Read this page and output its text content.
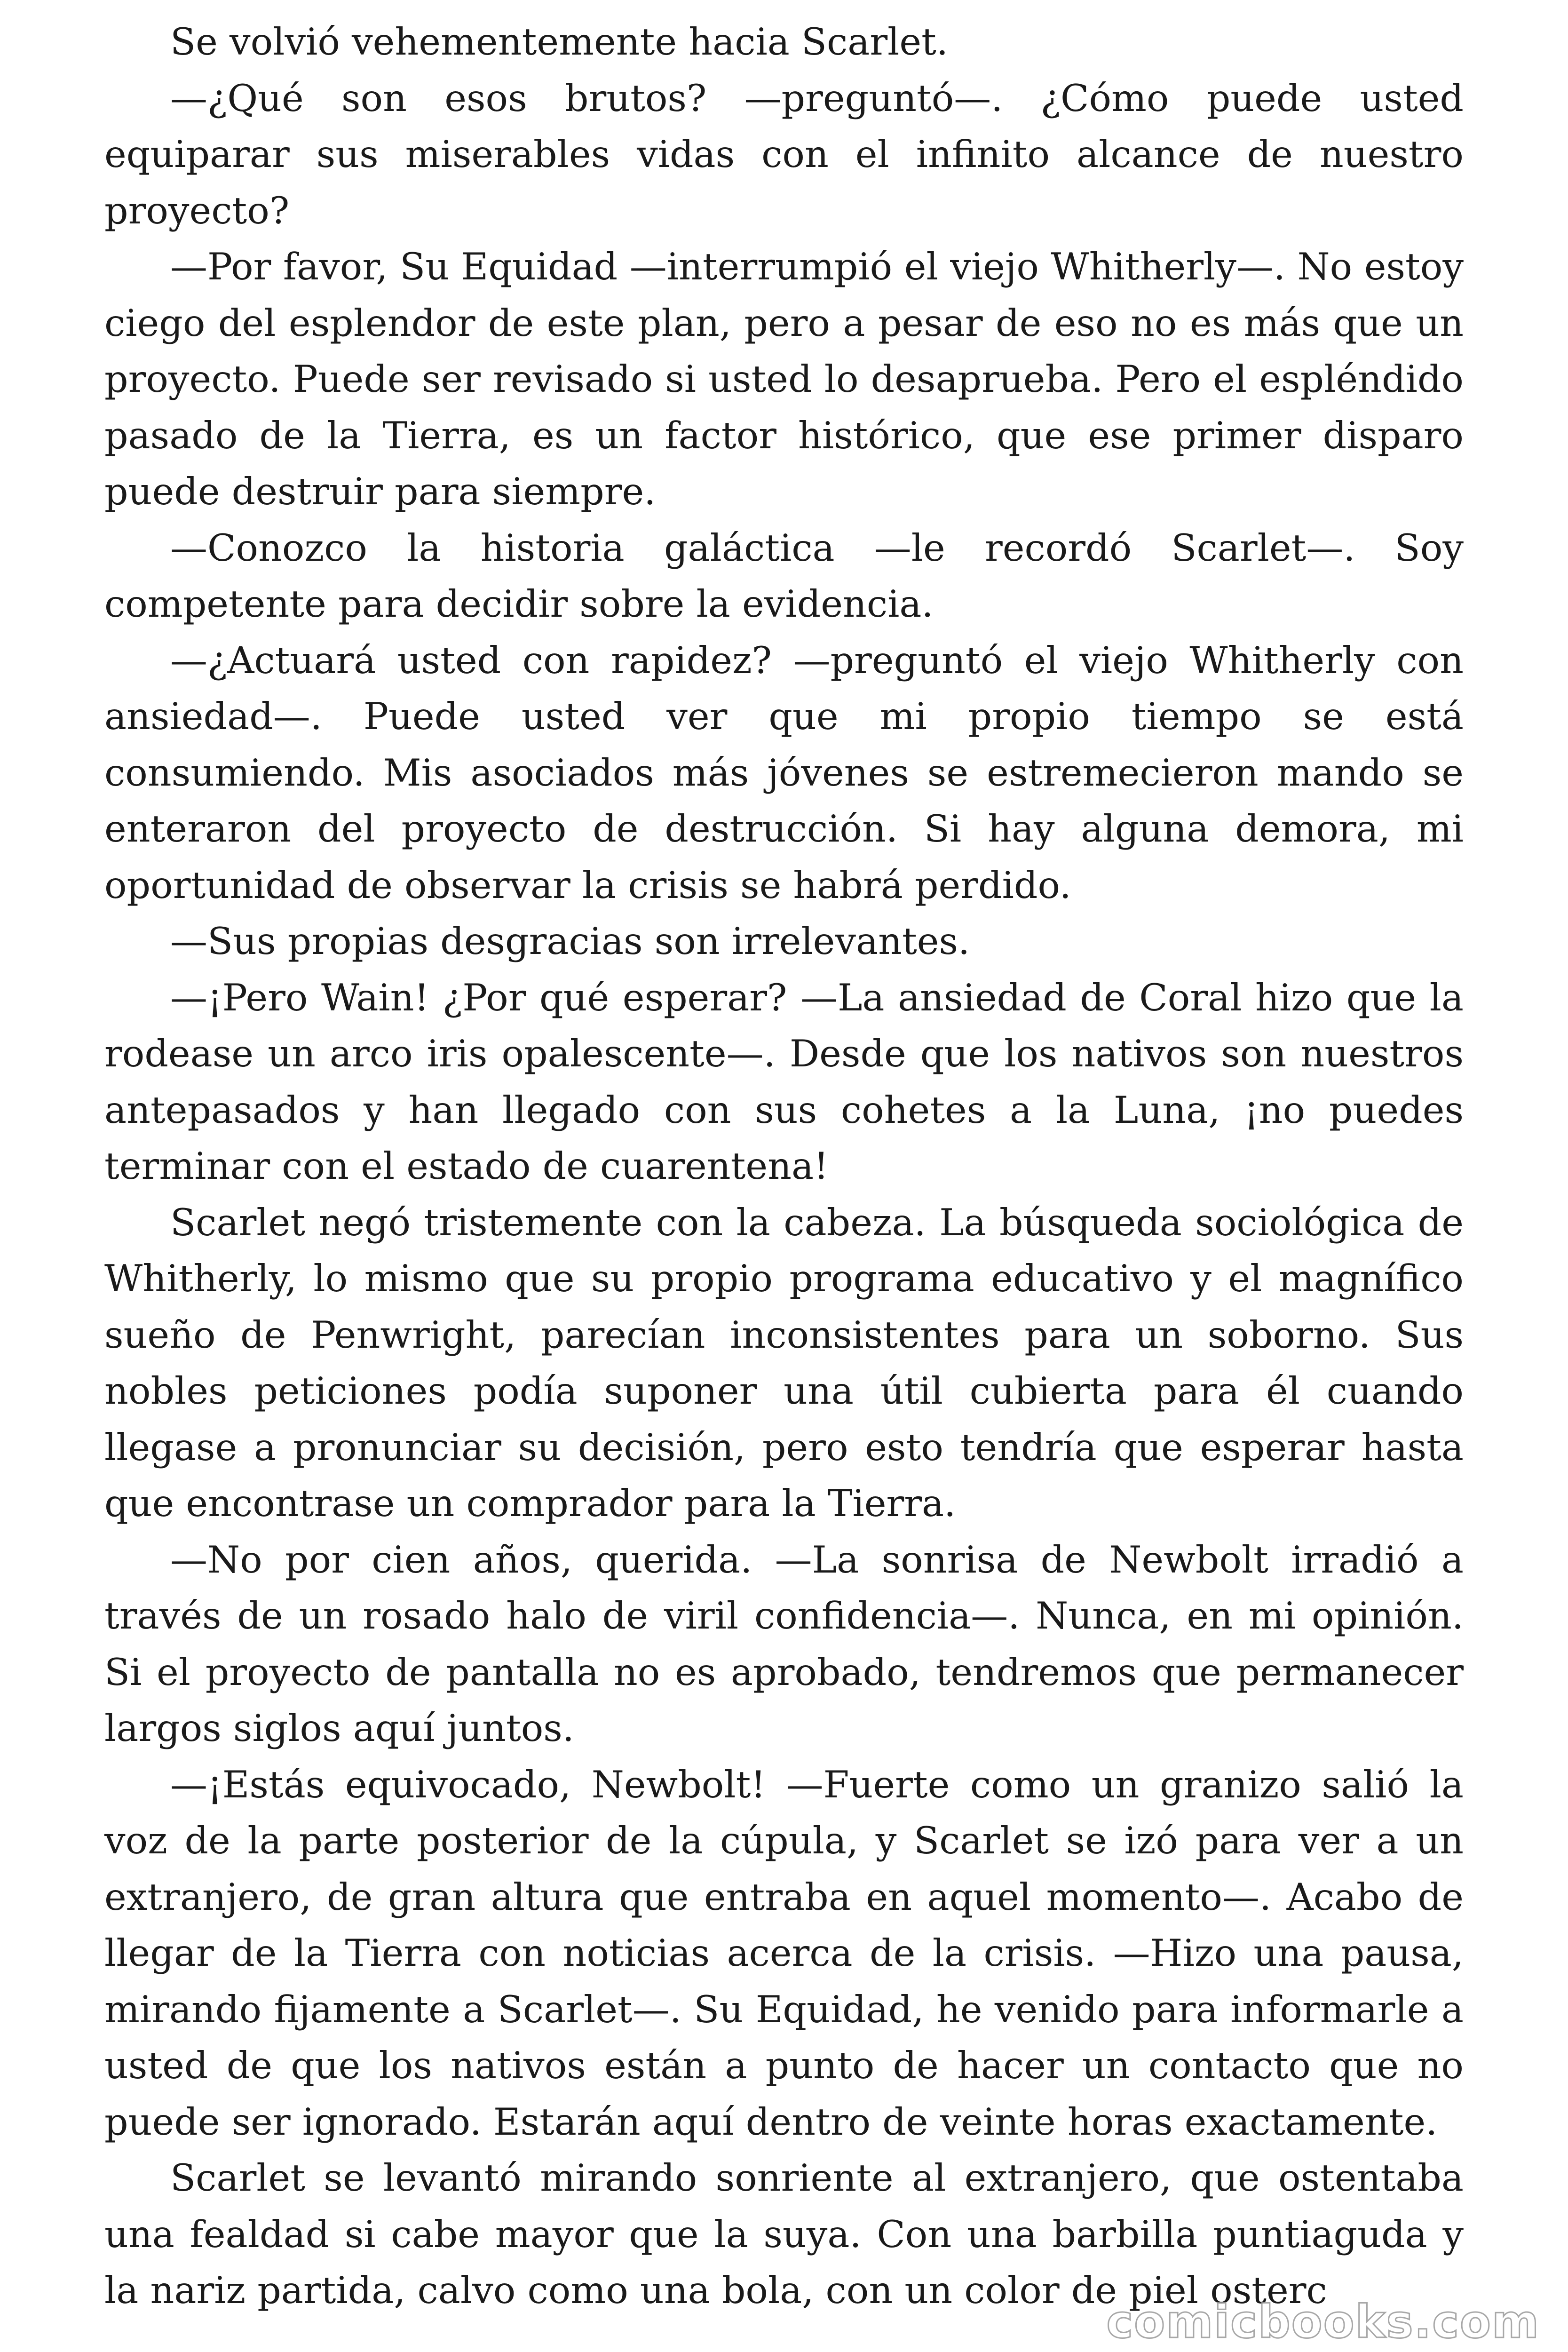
Se volvió vehementemente hacia Scarlet.

—¿Qué son esos brutos? —preguntó—. ¿Cómo puede usted equiparar sus miserables vidas con el infinito alcance de nuestro proyecto?

—Por favor, Su Equidad —interrumpió el viejo Whitherly—. No estoy ciego del esplendor de este plan, pero a pesar de eso no es más que un proyecto. Puede ser revisado si usted lo desaprueba. Pero el espléndido pasado de la Tierra, es un factor histórico, que ese primer disparo puede destruir para siempre.

—Conozco la historia galáctica —le recordó Scarlet—. Soy competente para decidir sobre la evidencia.

—¿Actuará usted con rapidez? —preguntó el viejo Whitherly con ansiedad—. Puede usted ver que mi propio tiempo se está consumiendo. Mis asociados más jóvenes se estremecieron mando se enteraron del proyecto de destrucción. Si hay alguna demora, mi oportunidad de observar la crisis se habrá perdido.

—Sus propias desgracias son irrelevantes.

—¡Pero Wain! ¿Por qué esperar? —La ansiedad de Coral hizo que la rodease un arco iris opalescente—. Desde que los nativos son nuestros antepasados y han llegado con sus cohetes a la Luna, ¡no puedes terminar con el estado de cuarentena!

Scarlet negó tristemente con la cabeza. La búsqueda sociológica de Whitherly, lo mismo que su propio programa educativo y el magnífico sueño de Penwright, parecían inconsistentes para un soborno. Sus nobles peticiones podía suponer una útil cubierta para él cuando llegase a pronunciar su decisión, pero esto tendría que esperar hasta que encontrase un comprador para la Tierra.

—No por cien años, querida. —La sonrisa de Newbolt irradió a través de un rosado halo de viril confidencia—. Nunca, en mi opinión. Si el proyecto de pantalla no es aprobado, tendremos que permanecer largos siglos aquí juntos.

—¡Estás equivocado, Newbolt! —Fuerte como un granizo salió la voz de la parte posterior de la cúpula, y Scarlet se izó para ver a un extranjero, de gran altura que entraba en aquel momento—. Acabo de llegar de la Tierra con noticias acerca de la crisis. —Hizo una pausa, mirando fijamente a Scarlet—. Su Equidad, he venido para informarle a usted de que los nativos están a punto de hacer un contacto que no puede ser ignorado. Estarán aquí dentro de veinte horas exactamente.

Scarlet se levantó mirando sonriente al extranjero, que ostentaba una fealdad si cabe mayor que la suya. Con una barbilla puntiaguda y la nariz partida, calvo como una bola, con un color de piel osterc

comicbooks.com
